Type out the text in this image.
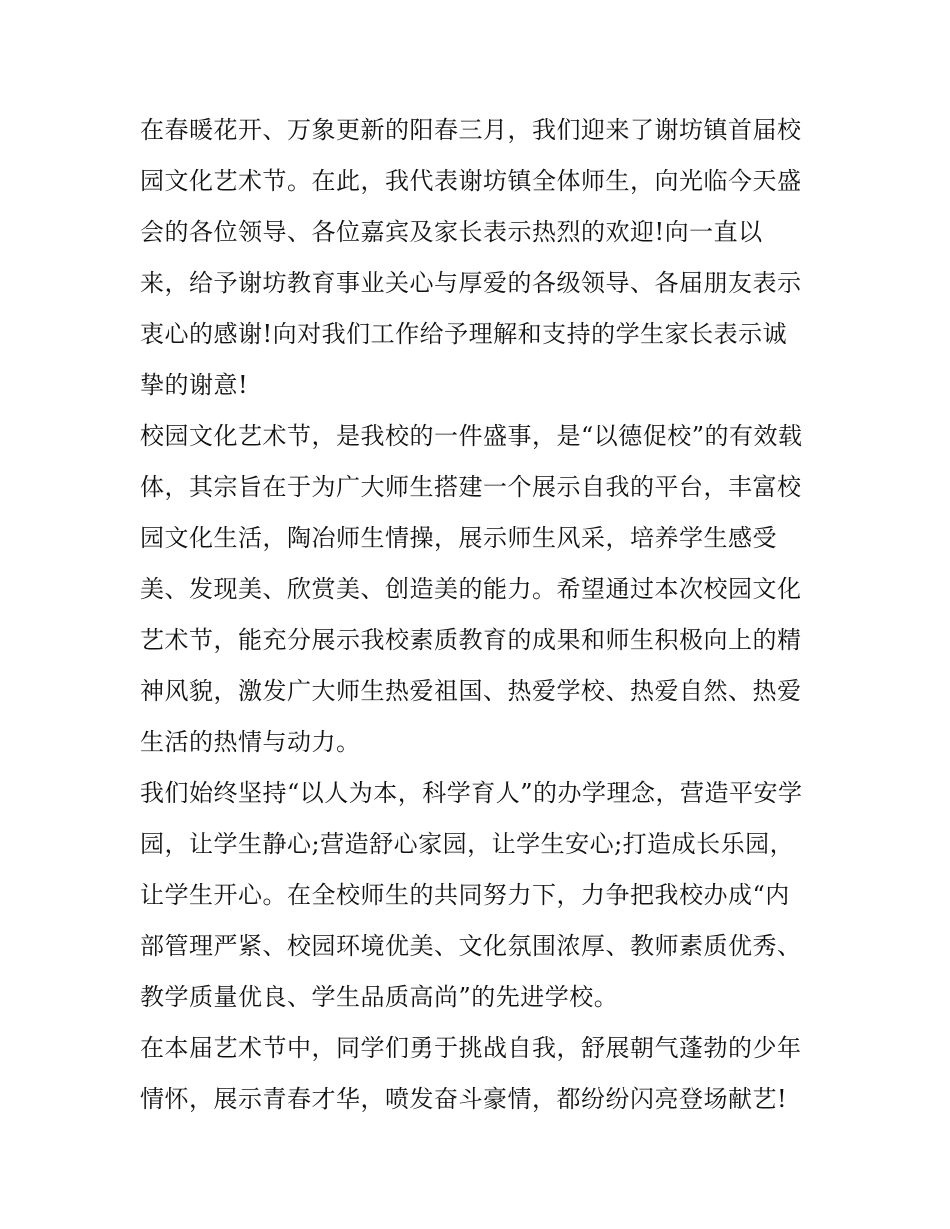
在春暖花开、万象更新的阳春三月，我们迎来了谢坊镇首届校
园文化艺术节。在此，我代表谢坊镇全体师生，向光临今天盛
会的各位领导、各位嘉宾及家长表示热烈的欢迎!向一直以
来，给予谢坊教育事业关心与厚爱的各级领导、各届朋友表示
衷心的感谢!向对我们工作给予理解和支持的学生家长表示诚
挚的谢意!

校园文化艺术节，是我校的一件盛事，是“以德促校”的有效载
体，其宗旨在于为广大师生搭建一个展示自我的平台，丰富校
园文化生活，陶冶师生情操，展示师生风采，培养学生感受
美、发现美、欣赏美、创造美的能力。希望通过本次校园文化
艺术节，能充分展示我校素质教育的成果和师生积极向上的精
神风貌，激发广大师生热爱祖国、热爱学校、热爱自然、热爱
生活的热情与动力。

我们始终坚持“以人为本，科学育人”的办学理念，营造平安学
园，让学生静心;营造舒心家园，让学生安心;打造成长乐园，
让学生开心。在全校师生的共同努力下，力争把我校办成“内
部管理严紧、校园环境优美、文化氛围浓厚、教师素质优秀、
教学质量优良、学生品质高尚”的先进学校。

在本届艺术节中，同学们勇于挑战自我，舒展朝气蓬勃的少年
情怀，展示青春才华，喷发奋斗豪情，都纷纷闪亮登场献艺!
